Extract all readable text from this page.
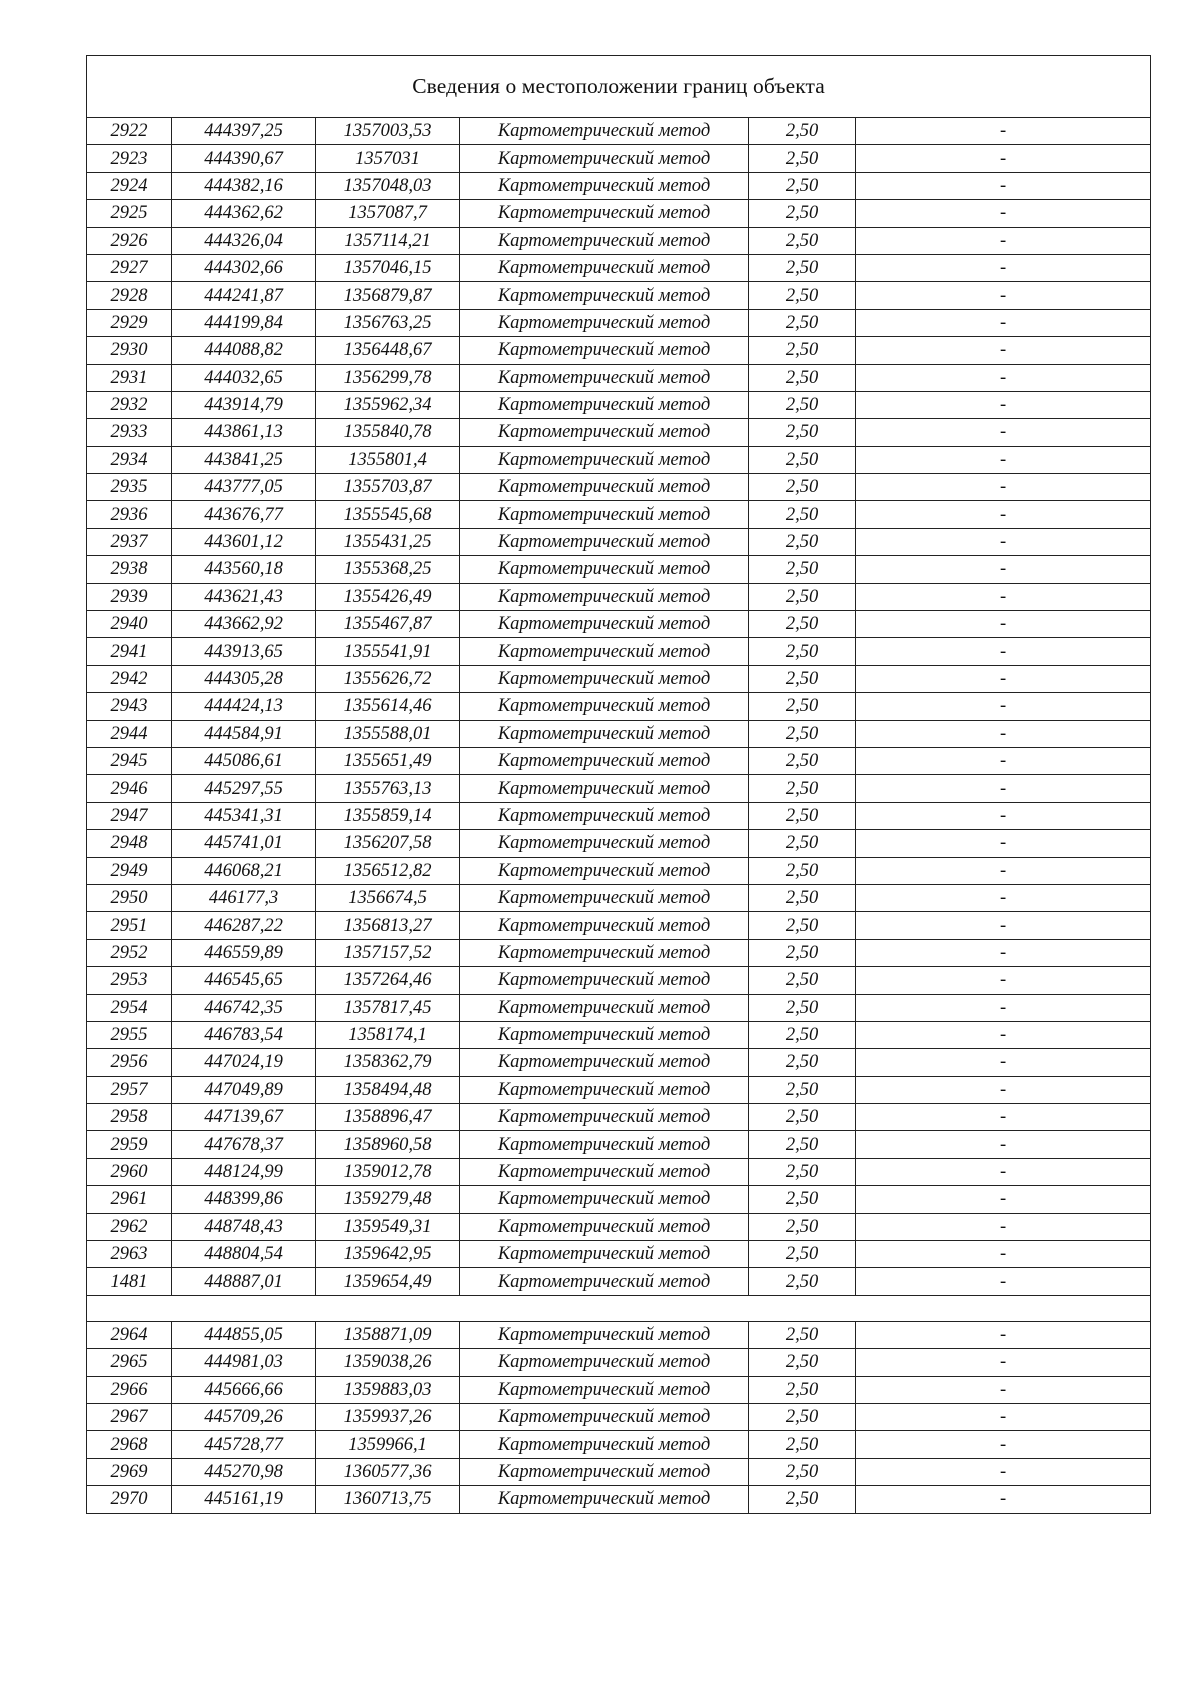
Сведения о местоположении границ объекта					
2922	444397,25	1357003,53	Картометрический метод	2,50	-
2923	444390,67	1357031	Картометрический метод	2,50	-
2924	444382,16	1357048,03	Картометрический метод	2,50	-
2925	444362,62	1357087,7	Картометрический метод	2,50	-
2926	444326,04	1357114,21	Картометрический метод	2,50	-
2927	444302,66	1357046,15	Картометрический метод	2,50	-
2928	444241,87	1356879,87	Картометрический метод	2,50	-
2929	444199,84	1356763,25	Картометрический метод	2,50	-
2930	444088,82	1356448,67	Картометрический метод	2,50	-
2931	444032,65	1356299,78	Картометрический метод	2,50	-
2932	443914,79	1355962,34	Картометрический метод	2,50	-
2933	443861,13	1355840,78	Картометрический метод	2,50	-
2934	443841,25	1355801,4	Картометрический метод	2,50	-
2935	443777,05	1355703,87	Картометрический метод	2,50	-
2936	443676,77	1355545,68	Картометрический метод	2,50	-
2937	443601,12	1355431,25	Картометрический метод	2,50	-
2938	443560,18	1355368,25	Картометрический метод	2,50	-
2939	443621,43	1355426,49	Картометрический метод	2,50	-
2940	443662,92	1355467,87	Картометрический метод	2,50	-
2941	443913,65	1355541,91	Картометрический метод	2,50	-
2942	444305,28	1355626,72	Картометрический метод	2,50	-
2943	444424,13	1355614,46	Картометрический метод	2,50	-
2944	444584,91	1355588,01	Картометрический метод	2,50	-
2945	445086,61	1355651,49	Картометрический метод	2,50	-
2946	445297,55	1355763,13	Картометрический метод	2,50	-
2947	445341,31	1355859,14	Картометрический метод	2,50	-
2948	445741,01	1356207,58	Картометрический метод	2,50	-
2949	446068,21	1356512,82	Картометрический метод	2,50	-
2950	446177,3	1356674,5	Картометрический метод	2,50	-
2951	446287,22	1356813,27	Картометрический метод	2,50	-
2952	446559,89	1357157,52	Картометрический метод	2,50	-
2953	446545,65	1357264,46	Картометрический метод	2,50	-
2954	446742,35	1357817,45	Картометрический метод	2,50	-
2955	446783,54	1358174,1	Картометрический метод	2,50	-
2956	447024,19	1358362,79	Картометрический метод	2,50	-
2957	447049,89	1358494,48	Картометрический метод	2,50	-
2958	447139,67	1358896,47	Картометрический метод	2,50	-
2959	447678,37	1358960,58	Картометрический метод	2,50	-
2960	448124,99	1359012,78	Картометрический метод	2,50	-
2961	448399,86	1359279,48	Картометрический метод	2,50	-
2962	448748,43	1359549,31	Картометрический метод	2,50	-
2963	448804,54	1359642,95	Картометрический метод	2,50	-
1481	448887,01	1359654,49	Картометрический метод	2,50	-

2964	444855,05	1358871,09	Картометрический метод	2,50	-
2965	444981,03	1359038,26	Картометрический метод	2,50	-
2966	445666,66	1359883,03	Картометрический метод	2,50	-
2967	445709,26	1359937,26	Картометрический метод	2,50	-
2968	445728,77	1359966,1	Картометрический метод	2,50	-
2969	445270,98	1360577,36	Картометрический метод	2,50	-
2970	445161,19	1360713,75	Картометрический метод	2,50	-
